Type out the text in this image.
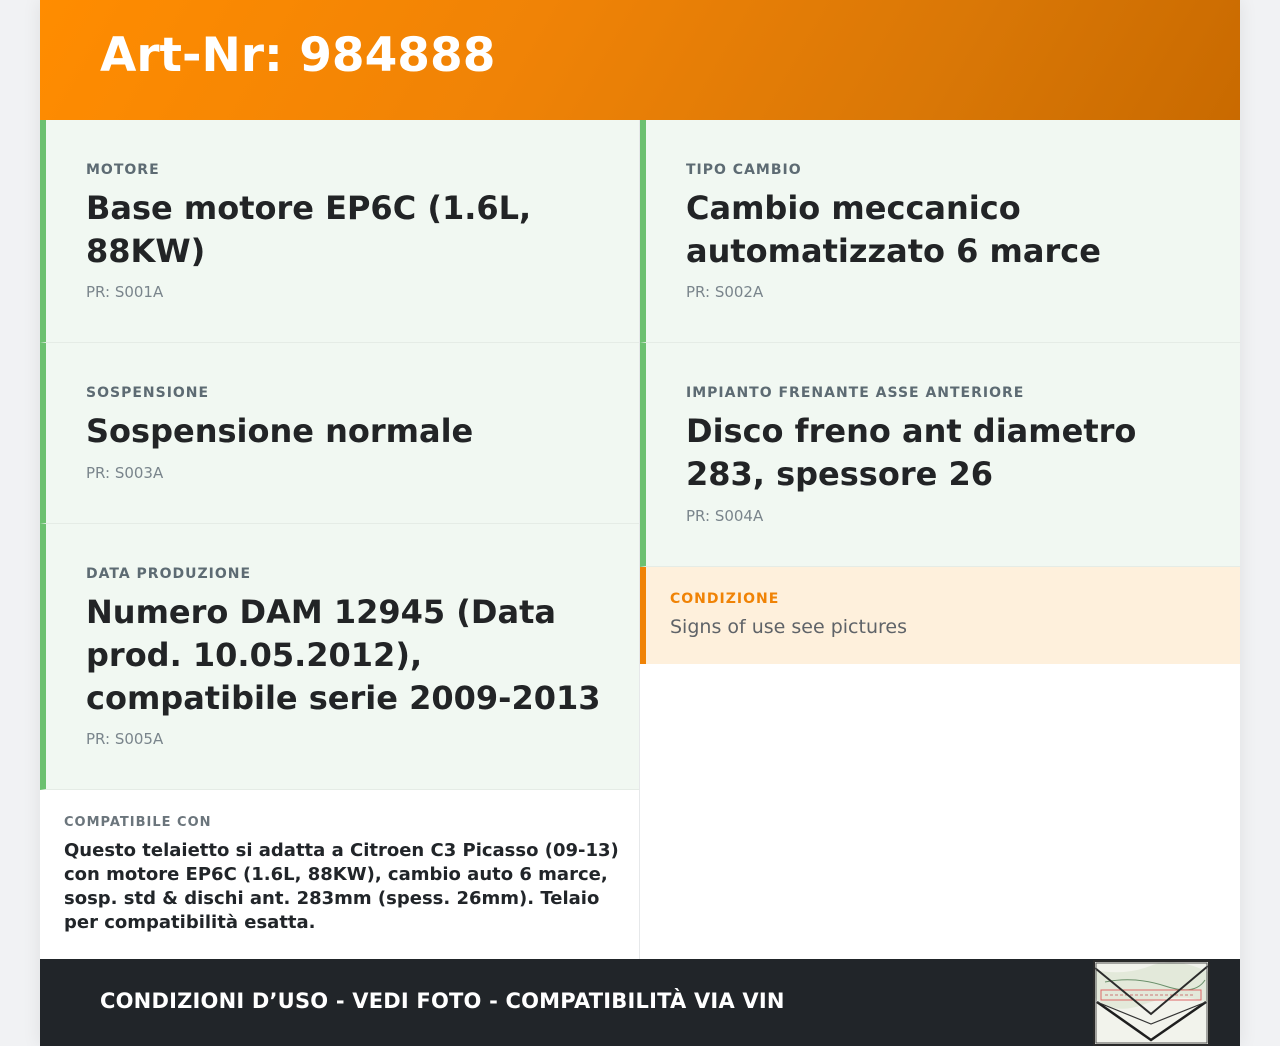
Art-Nr: 984888
MOTORE
Base motore EP6C (1.6L, 88KW)
PR: S001A
TIPO CAMBIO
Cambio meccanico automatizzato 6 marce
PR: S002A
SOSPENSIONE
Sospensione normale
PR: S003A
IMPIANTO FRENANTE ASSE ANTERIORE
Disco freno ant diametro 283, spessore 26
PR: S004A
DATA PRODUZIONE
Numero DAM 12945 (Data prod. 10.05.2012), compatibile serie 2009-2013
PR: S005A
CONDIZIONE
Signs of use see pictures
COMPATIBILE CON
Questo telaietto si adatta a Citroen C3 Picasso (09-13) con motore EP6C (1.6L, 88KW), cambio auto 6 marce, sosp. std & dischi ant. 283mm (spess. 26mm). Telaio per compatibilità esatta.
CONDIZIONI D’USO - VEDI FOTO - COMPATIBILITÀ VIA VIN
